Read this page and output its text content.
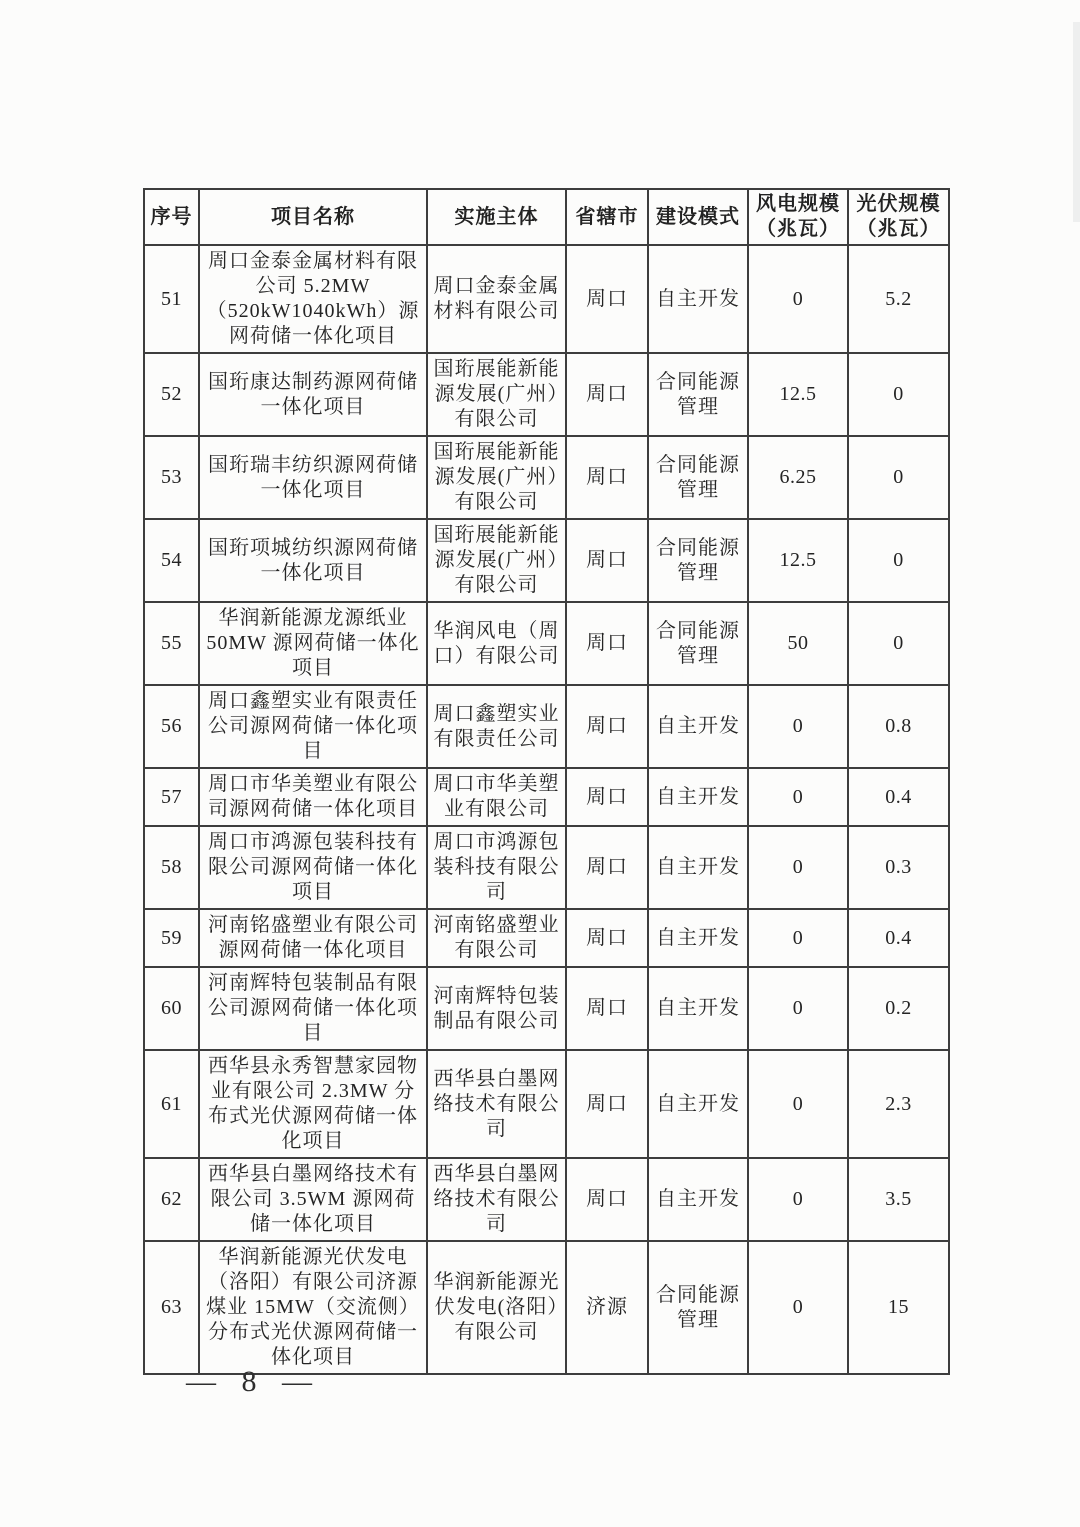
序号	项目名称	实施主体	省辖市	建设模式	风电规模（兆瓦）	光伏规模（兆瓦）
51	周口金泰金属材料有限公司 5.2MW（520kW1040kWh）源网荷储一体化项目	周口金泰金属材料有限公司	周口	自主开发	0	5.2
52	国珩康达制药源网荷储一体化项目	国珩展能新能源发展(广州）有限公司	周口	合同能源管理	12.5	0
53	国珩瑞丰纺织源网荷储一体化项目	国珩展能新能源发展(广州）有限公司	周口	合同能源管理	6.25	0
54	国珩项城纺织源网荷储一体化项目	国珩展能新能源发展(广州）有限公司	周口	合同能源管理	12.5	0
55	华润新能源龙源纸业 50MW 源网荷储一体化项目	华润风电（周口）有限公司	周口	合同能源管理	50	0
56	周口鑫塑实业有限责任公司源网荷储一体化项目	周口鑫塑实业有限责任公司	周口	自主开发	0	0.8
57	周口市华美塑业有限公司源网荷储一体化项目	周口市华美塑业有限公司	周口	自主开发	0	0.4
58	周口市鸿源包装科技有限公司源网荷储一体化项目	周口市鸿源包装科技有限公司	周口	自主开发	0	0.3
59	河南铭盛塑业有限公司源网荷储一体化项目	河南铭盛塑业有限公司	周口	自主开发	0	0.4
60	河南辉特包装制品有限公司源网荷储一体化项目	河南辉特包装制品有限公司	周口	自主开发	0	0.2
61	西华县永秀智慧家园物业有限公司 2.3MW 分布式光伏源网荷储一体化项目	西华县白墨网络技术有限公司	周口	自主开发	0	2.3
62	西华县白墨网络技术有限公司 3.5WM 源网荷储一体化项目	西华县白墨网络技术有限公司	周口	自主开发	0	3.5
63	华润新能源光伏发电（洛阳）有限公司济源煤业 15MW（交流侧）分布式光伏源网荷储一体化项目	华润新能源光伏发电(洛阳）有限公司	济源	合同能源管理	0	15
— 8 —
